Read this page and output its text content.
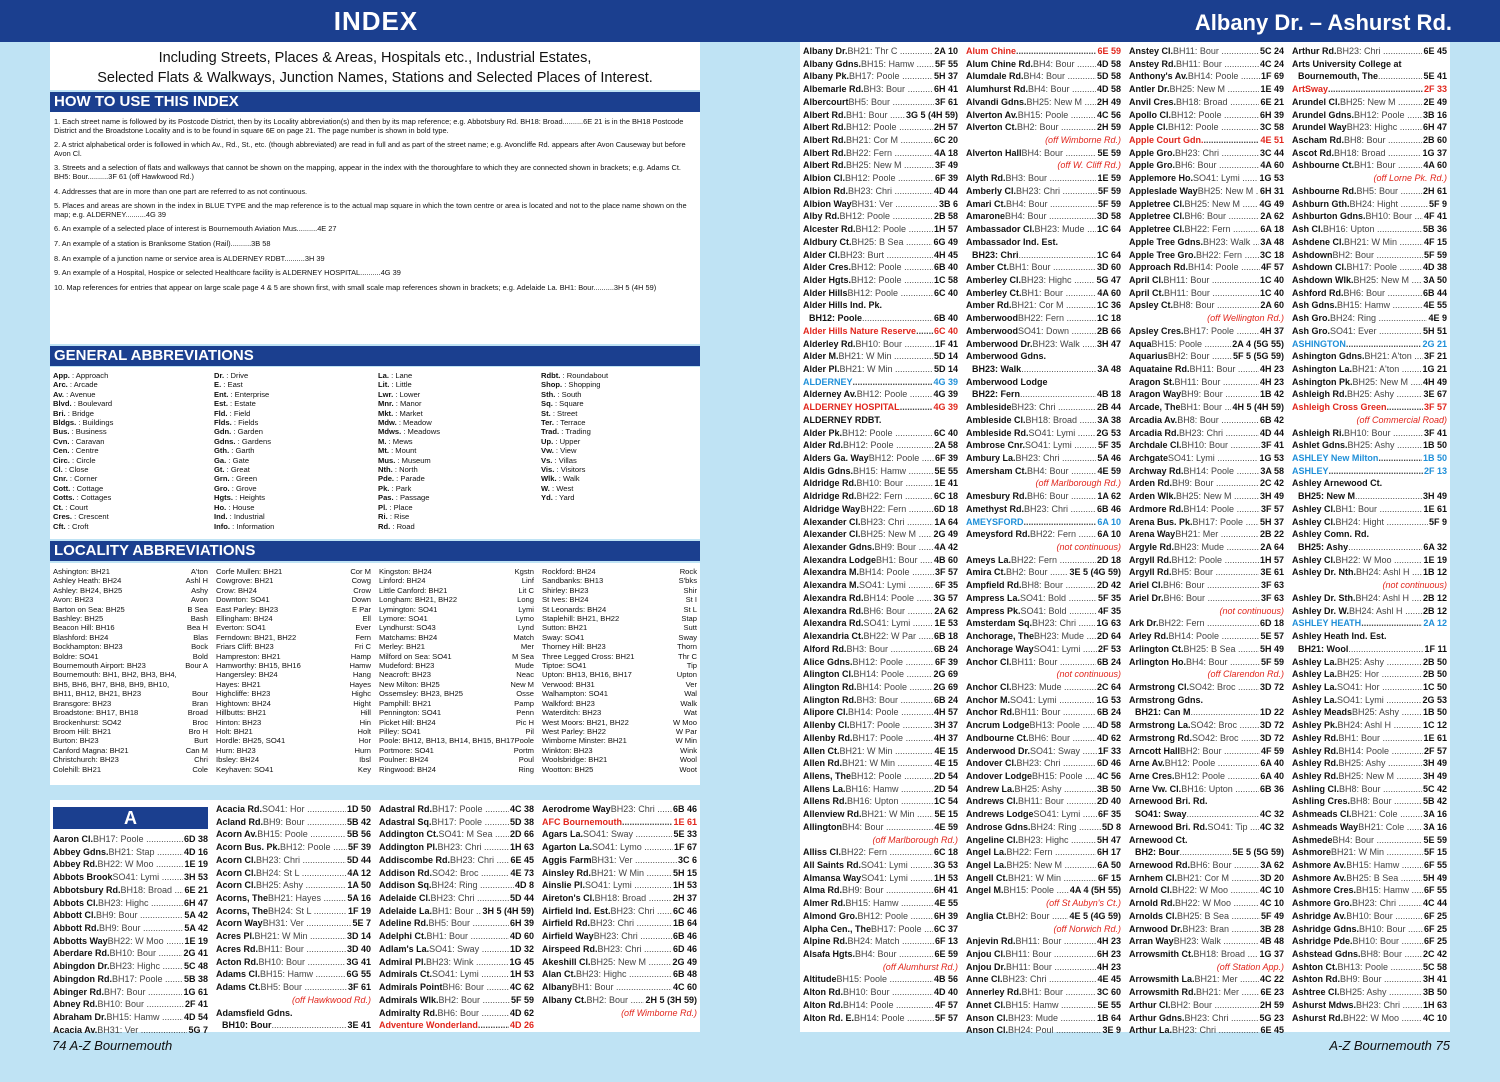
INDEX	Albany Dr. – Ashurst Rd.
Including Streets, Places & Areas, Hospitals etc., Industrial Estates,
Selected Flats & Walkways, Junction Names, Stations and Selected Places of Interest.
HOW TO USE THIS INDEX

1. Each street name is followed by its Postcode District, then by its Locality abbreviation(s) and then by its map reference; e.g. Abbotsbury Rd. BH18: Broad..........6E 21 is in the BH18 Postcode District and the Broadstone Locality and is to be found in square 6E on page 21. The page number is shown in bold type.

2. A strict alphabetical order is followed in which Av., Rd., St., etc. (though abbreviated) are read in full and as part of the street name; e.g. Avoncliffe Rd. appears after Avon Causeway but before Avon Cl.

3. Streets and a selection of flats and walkways that cannot be shown on the mapping, appear in the index with the thoroughfare to which they are connected shown in brackets; e.g. Adams Ct. BH5: Bour..........3F 61 (off Hawkwood Rd.)

4. Addresses that are in more than one part are referred to as not continuous.

5. Places and areas are shown in the index in BLUE TYPE and the map reference is to the actual map square in which the town centre or area is located and not to the place name shown on the map; e.g. ALDERNEY..........4G 39

6. An example of a selected place of interest is Bournemouth Aviation Mus..........4E 27

7. An example of a station is Branksome Station (Rail)..........3B 58

8. An example of a junction name or service area is ALDERNEY RDBT..........3H 39

9. An example of a Hospital, Hospice or selected Healthcare facility is ALDERNEY HOSPITAL..........4G 39

10. Map references for entries that appear on large scale page 4 & 5 are shown first, with small scale map references shown in brackets; e.g. Adelaide La. BH1: Bour..........3H 5 (4H 59)

GENERAL ABBREVIATIONS
App. : Approach
Arc. : Arcade
Av. : Avenue
Blvd. : Boulevard
Bri. : Bridge
Bldgs. : Buildings
Bus. : Business
Cvn. : Caravan
Cen. : Centre
Circ. : Circle
Cl. : Close
Cnr. : Corner
Cott. : Cottage
Cotts. : Cottages
Ct. : Court
Cres. : Crescent
Cft. : Croft
Dr. : Drive
E. : East
Ent. : Enterprise
Est. : Estate
Fld. : Field
Flds. : Fields
Gdn. : Garden
Gdns. : Gardens
Gth. : Garth
Ga. : Gate
Gt. : Great
Grn. : Green
Gro. : Grove
Hgts. : Heights
Ho. : House
Ind. : Industrial
Info. : Information
La. : Lane
Lit. : Little
Lwr. : Lower
Mnr. : Manor
Mkt. : Market
Mdw. : Meadow
Mdws. : Meadows
M. : Mews
Mt. : Mount
Mus. : Museum
Nth. : North
Pde. : Parade
Pk. : Park
Pas. : Passage
Pl. : Place
Ri. : Rise
Rd. : Road
Rdbt. : Roundabout
Shop. : Shopping
Sth. : South
Sq. : Square
St. : Street
Ter. : Terrace
Trad. : Trading
Up. : Upper
Vw. : View
Vs. : Villas
Vis. : Visitors
Wlk. : Walk
W. : West
Yd. : Yard
LOCALITY ABBREVIATIONS
Ashington: BH21	A'ton
Ashley Heath: BH24	Ashl H
Ashley: BH24, BH25	Ashy
Avon: BH23	Avon
Barton on Sea: BH25	B Sea
Bashley: BH25	Bash
Beacon Hill: BH16	Bea H
Blashford: BH24	Blas
Bockhampton: BH23	Bock
Boldre: SO41	Bold
Bournemouth Airport: BH23	Bour A
Bournemouth: BH1, BH2, BH3, BH4,
BH5, BH6, BH7, BH8, BH9, BH10,
BH11, BH12, BH21, BH23	Bour
Bransgore: BH23	Bran
Broadstone: BH17, BH18	Broad
Brockenhurst: SO42	Broc
Broom Hill: BH21	Bro H
Burton: BH23	Burt
Canford Magna: BH21	Can M
Christchurch: BH23	Chri
Colehill: BH21	Cole
Corfe Mullen: BH21	Cor M
Cowgrove: BH21	Cowg
Crow: BH24	Crow
Downton: SO41	Down
East Parley: BH23	E Par
Ellingham: BH24	Ell
Everton: SO41	Ever
Ferndown: BH21, BH22	Fern
Friars Cliff: BH23	Fri C
Hampreston: BH21	Hamp
Hamworthy: BH15, BH16	Hamw
Hangersley: BH24	Hang
Hayes: BH21	Hayes
Highcliffe: BH23	Highc
Hightown: BH24	Hight
Hillbutts: BH21	Hill
Hinton: BH23	Hin
Holt: BH21	Holt
Hordle: BH25, SO41	Hor
Hurn: BH23	Hurn
Ibsley: BH24	Ibsl
Keyhaven: SO41	Key
Kingston: BH24	Kgstn
Linford: BH24	Linf
Little Canford: BH21	Lit C
Longham: BH21, BH22	Long
Lymington: SO41	Lymi
Lymore: SO41	Lymo
Lyndhurst: SO43	Lynd
Matchams: BH24	Match
Merley: BH21	Mer
Milford on Sea: SO41	M Sea
Mudeford: BH23	Mude
Neacroft: BH23	Neac
New Milton: BH25	New M
Ossemsley: BH23, BH25	Osse
Pamphill: BH21	Pamp
Pennington: SO41	Penn
Picket Hill: BH24	Pic H
Pilley: SO41	Pil
Poole: BH12, BH13, BH14, BH15, BH17 Poole
Portmore: SO41	Portm
Poulner: BH24	Poul
Ringwood: BH24	Ring
Rockford: BH24	Rock
Sandbanks: BH13	S'bks
Shirley: BH23	Shir
St Ives: BH24	St I
St Leonards: BH24	St L
Staplehill: BH21, BH22	Stap
Sutton: BH21	Sutt
Sway: SO41	Sway
Thorney Hill: BH23	Thorn
Three Legged Cross: BH21	Thr C
Tiptoe: SO41	Tip
Upton: BH13, BH16, BH17	Upton
Verwood: BH31	Ver
Walhampton: SO41	Wal
Walkford: BH23	Walk
Waterditch: BH23	Wat
West Moors: BH21, BH22	W Moo
West Parley: BH22	W Par
Wimborne Minster: BH21	W Min
Winkton: BH23	Wink
Woolsbridge: BH21	Wool
Wootton: BH25	Woot
A
Aaron Cl. BH17: Poole .....	6D 38
Abbey Gdns. BH21: Stap .....	4D 16
Abbey Rd. BH22: W Moo .....	1E 19
Abbots Brook SO41: Lymi .....	3H 53
Abbotsbury Rd. BH18: Broad .....	6E 21
Abbots Cl. BH23: Highc .....	6H 47
Abbott Cl. BH9: Bour .....	5A 42
Abbott Rd. BH9: Bour .....	5A 42
Abbotts Way BH22: W Moo .....	1E 19
Aberdare Rd. BH10: Bour .....	2G 41
Abingdon Dr. BH23: Highc .....	5C 48
Abingdon Rd. BH17: Poole .....	5B 38
Abinger Rd. BH7: Bour .....	1G 61
Abney Rd. BH10: Bour .....	2F 41
Abraham Dr. BH15: Hamw .....	4D 54
Acacia Av. BH31: Ver .....	5G 7
Acacia Rd. SO41: Hor .....	1D 50
Acland Rd. BH9: Bour .....	5B 42
Acorn Av. BH15: Poole .....	5B 56
Acorn Bus. Pk. BH12: Poole .....	5F 39
Acorn Cl. BH23: Chri .....	5D 44
Acorn Cl. BH24: St L .....	4A 12
Acorn Cl. BH25: Ashy .....	1A 50
Acorns, The BH21: Hayes .....	5A 16
Acorns, The BH24: St L .....	1F 19
Acorn Way BH31: Ver .....	5E 7
Acres Pl. BH21: W Min .....	3D 14
Acres Rd. BH11: Bour .....	3D 40
Acton Rd. BH10: Bour .....	3G 41
Adams Cl. BH15: Hamw .....	6G 55
Adams Ct. BH5: Bour .....	3F 61
(off Hawkwood Rd.)
Adamsfield Gdns.
BH10: Bour .....	3E 41
Adastral Rd. BH17: Poole .....	4C 38
Adastral Sq. BH17: Poole .....	5D 38
Addington Ct. SO41: M Sea .....	2D 66
Addington Pl. BH23: Chri .....	1H 63
Addiscombe Rd. BH23: Chri .....	6E 45
Addison Rd. SO42: Broc .....	4E 73
Addison Sq. BH24: Ring .....	4D 8
Adelaide Cl. BH23: Chri .....	5D 44
Adelaide La. BH1: Bour ..... 3H 5 (4H 59)
Adeline Rd. BH5: Bour .....	6H 39
Adelphi Ct. BH1: Bour .....	4D 60
Adlam's La. SO41: Sway .....	1D 32
Admiral Pl. BH23: Wink .....	1G 45
Admirals Ct. SO41: Lymi .....	1H 53
Admirals Point BH6: Bour .....	4C 62
Admirals Wlk. BH2: Bour .....	5F 59
Admiralty Rd. BH6: Bour .....	4D 62
Adventure Wonderland .....	4D 26
Aerodrome Way BH23: Chri .....	6B 46
AFC Bournemouth .....	1E 61
Agars La. SO41: Sway .....	5E 33
Agarton La. SO41: Lymo .....	1F 67
Aggis Farm BH31: Ver .....	3C 6
Ainsley Rd. BH21: W Min .....	5H 15
Ainslie Pl. SO41: Lymi .....	1H 53
Aireton's Cl. BH18: Broad .....	2H 37
Airfield Ind. Est. BH23: Chri .....	6C 46
Airfield Rd. BH23: Chri .....	1B 64
Airfield Way BH23: Chri .....	6B 46
Airspeed Rd. BH23: Chri .....	6D 46
Akeshill Cl. BH25: New M .....	2G 49
Alan Ct. BH23: Highc .....	6B 48
Albany BH1: Bour .....	4C 60
Albany Ct. BH2: Bour .....	2H 5 (3H 59)
(off Wimborne Rd.)
Albany Dr. BH21: Thr C .....	2A 10
Albany Gdns. BH15: Hamw .....	5F 55
Albany Pk. BH17: Poole .....	5H 37
Albemarle Rd. BH3: Bour .....	6H 41
Albercourt BH5: Bour .....	3F 61
Albert Rd. BH1: Bour .....	3G 5 (4H 59)
Albert Rd. BH12: Poole .....	2H 57
Albert Rd. BH21: Cor M .....	6C 20
Albert Rd. BH22: Fern .....	4A 18
Albert Rd. BH25: New M .....	3F 49
Albion Cl. BH12: Poole .....	6F 39
Albion Rd. BH23: Chri .....	4D 44
Albion Way BH31: Ver .....	3B 6
Alby Rd. BH12: Poole .....	2B 58
Alcester Rd. BH12: Poole .....	1H 57
Aldbury Ct. BH25: B Sea .....	6G 49
Alder Cl. BH23: Burt .....	4H 45
Alder Cres. BH12: Poole .....	6B 40
Alder Hgts. BH12: Poole .....	1C 58
Alder Hills BH12: Poole .....	6C 40
Alder Hills Ind. Pk.
BH12: Poole .....	6B 40
Alder Hills Nature Reserve ..... 6C 40
Alderley Rd. BH10: Bour .....	1F 41
Alder M. BH21: W Min .....	5D 14
Alder Pl. BH21: W Min .....	5D 14
ALDERNEY .....	4G 39
Alderney Av. BH12: Poole .....	4G 39
ALDERNEY HOSPITAL .....	4G 39
ALDERNEY RDBT.
Alder Pk. BH12: Poole .....	6C 40
Alder Rd. BH12: Poole .....	2A 58
Alders Ga. Way BH12: Poole .....	6F 39
Aldis Gdns. BH15: Hamw .....	5E 55
Aldridge Rd. BH10: Bour .....	1E 41
Aldridge Rd. BH22: Fern .....	6C 18
Aldridge Way BH22: Fern .....	6D 18
Alexander Cl. BH23: Chri .....	1A 64
Alexander Cl. BH25: New M .....	2G 49
Alexander Gdns. BH9: Bour .....	4A 42
Alexandra Lodge BH1: Bour .....	4B 60
Alexandra M. BH14: Poole .....	3F 57
Alexandra M. SO41: Lymi .....	6F 35
Alexandra Rd. BH14: Poole .....	3G 57
Alexandra Rd. BH6: Bour .....	2A 62
Alexandra Rd. SO41: Lymi .....	1E 53
Alexandria Ct. BH22: W Par .....	6B 18
Alford Rd. BH3: Bour .....	6B 24
Alice Gdns. BH12: Poole .....	6F 39
Alington Cl. BH14: Poole .....	2G 69
Alington Rd. BH14: Poole .....	2G 69
Alington Rd. BH3: Bour .....	6B 24
Alipore Cl. BH14: Poole .....	4H 57
Allenby Cl. BH17: Poole .....	3H 37
Allenby Rd. BH17: Poole .....	4H 37
Allen Ct. BH21: W Min .....	4E 15
Allen Rd. BH21: W Min .....	4E 15
Allens, The BH12: Poole .....	2D 54
Allens La. BH16: Hamw .....	2D 54
Allens Rd. BH16: Upton .....	1C 54
Allenview Rd. BH21: W Min .....	5E 15
Allington BH4: Bour .....	4E 59
(off Marlborough Rd.)
Alliss Cl. BH22: Fern .....	6C 18
All Saints Rd. SO41: Lymi .....	3G 53
Almansa Way SO41: Lymi .....	1H 53
Alma Rd. BH9: Bour .....	6H 41
Almer Rd. BH15: Hamw .....	4E 55
Almond Gro. BH12: Poole .....	6H 39
Alpha Cen., The BH17: Poole .....	6C 37
Alpine Rd. BH24: Match .....	6F 13
Alsafa Hgts. BH4: Bour .....	6E 59
(off Alumhurst Rd.)
Altitude BH15: Poole .....	4B 56
Alton Rd. BH10: Bour .....	4D 40
Alton Rd. BH14: Poole .....	4F 57
Alton Rd. E. BH14: Poole .....	5F 57
Alum Chine .....	6E 59
Alum Chine Rd. BH4: Bour .....	4D 58
Alumdale Rd. BH4: Bour .....	5D 58
Alumhurst Rd. BH4: Bour .....	4D 58
Alvandi Gdns. BH25: New M .....	2H 49
Alverton Av. BH15: Poole .....	4C 56
Alverton Ct. BH2: Bour .....	2H 59
(off Wimborne Rd.)
Alverton Hall BH4: Bour .....	5E 59
(off W. Cliff Rd.)
Alyth Rd. BH3: Bour .....	1E 59
Amberly Cl. BH23: Chri .....	5F 59
Amari Ct. BH4: Bour .....	5F 59
Amarone BH4: Bour .....	3D 58
Ambassador Cl. BH23: Mude .....	1C 64
Ambassador Ind. Est.
BH23: Chri .....	1C 64
Amber Ct. BH1: Bour .....	3D 60
Amberley Cl. BH23: Highc .....	5G 47
Amberley Ct. BH1: Bour .....	4A 60
Amber Rd. BH21: Cor M .....	1C 36
Amberwood BH22: Fern .....	1C 18
Amberwood SO41: Down .....	2B 66
Amberwood Dr. BH23: Walk .....	3H 47
Amberwood Gdns.
BH23: Walk .....	3A 48
Amberwood Lodge
BH22: Fern .....	4B 18
Ambleside BH23: Chri .....	2B 44
Ambleside Cl. BH18: Broad .....	3A 38
Ambleside Rd. SO41: Lymi .....	2G 53
Ambrose Cnr. SO41: Lymi .....	5F 35
Ambury La. BH23: Chri .....	5A 46
Amersham Ct. BH4: Bour .....	4E 59
(off Marlborough Rd.)
Amesbury Rd. BH6: Bour .....	1A 62
Amethyst Rd. BH23: Chri .....	6B 46
AMEYSFORD .....	6A 10
Ameysford Rd. BH22: Fern .....	6A 10
(not continuous)
Ameys La. BH22: Fern .....	2D 18
Amira Ct. BH2: Bour .....	3E 5 (4G 59)
Ampfield Rd. BH8: Bour .....	2D 42
Ampress La. SO41: Bold .....	5F 35
Ampress Pk. SO41: Bold .....	4F 35
Amsterdam Sq. BH23: Chri .....	1G 63
Anchorage, The BH23: Mude .....	2D 64
Anchorage Way SO41: Lymi .....	2F 53
Anchor Cl. BH11: Bour .....	6B 24
(not continuous)
Anchor Cl. BH23: Mude .....	2C 64
Anchor M. SO41: Lymi .....	1G 53
Anchor Rd. BH11: Bour .....	6B 24
Ancrum Lodge BH13: Poole .....	4D 58
Andbourne Ct. BH6: Bour .....	4D 62
Anderwood Dr. SO41: Sway .....	1F 33
Andover Cl. BH23: Chri .....	6D 46
Andover Lodge BH15: Poole .....	4C 56
Andrew La. BH25: Ashy .....	3B 50
Andrews Cl. BH11: Bour .....	2D 40
Andrews Lodge SO41: Lymi .....	6F 35
Androse Gdns. BH24: Ring .....	5D 8
Angeline Cl. BH23: Highc .....	5H 47
Angel La. BH22: Fern .....	6H 17
Angel La. BH25: New M .....	6A 50
Angell Ct. BH21: W Min .....	6F 15
Angel M. BH15: Poole .....	4A 4 (5H 55)
(off St Aubyn's Ct.)
Anglia Ct. BH2: Bour .....	4E 5 (4G 59)
(off Norwich Rd.)
Anjevin Rd. BH11: Bour .....	4H 23
Anjou Cl. BH11: Bour .....	6H 23
Anjou Dr. BH11: Bour .....	4H 23
Anne Cl. BH23: Chri .....	4E 45
Annerley Rd. BH1: Bour .....	3C 60
Annet Cl. BH15: Hamw .....	5E 55
Anson Cl. BH23: Mude .....	1B 64
Anson Cl. BH24: Poul .....	3E 9
Anstey Cl. BH11: Bour .....	5C 24
Anstey Rd. BH11: Bour .....	4C 24
Anthony's Av. BH14: Poole .....	1F 69
Antler Dr. BH25: New M .....	1E 49
Anvil Cres. BH18: Broad .....	6E 21
Apollo Cl. BH12: Poole .....	6H 39
Apple Cl. BH12: Poole .....	3C 58
Apple Court Gdn. .....	4E 51
Apple Gro. BH23: Chri .....	3C 44
Apple Gro. BH6: Bour .....	4A 60
Applemore Ho. SO41: Lymi .....	1G 53
Appleslade Way BH25: New M ..... 6H 31
Appletree Cl. BH25: New M .....	4G 49
Appletree Cl. BH6: Bour .....	2A 62
Appletree Cl. BH22: Fern .....	6A 18
Apple Tree Gdns. BH23: Walk .....	3A 48
Apple Tree Gro. BH22: Fern .....	3C 18
Approach Rd. BH14: Poole .....	4F 57
April Cl. BH11: Bour .....	1C 40
April Ct. BH11: Bour .....	1C 40
Apsley Ct. BH8: Bour .....	2A 60
(off Wellington Rd.)
Apsley Cres. BH17: Poole .....	4H 37
Aqua BH15: Poole .....	2A 4 (5G 55)
Aquarius BH2: Bour .....	5F 5 (5G 59)
Aquataine Rd. BH11: Bour .....	4H 23
Aragon St. BH11: Bour .....	4H 23
Aragon Way BH9: Bour .....	1B 42
Arcade, The BH1: Bour .....	4H 5 (4H 59)
Arcadia Av. BH8: Bour .....	6B 42
Arcadia Rd. BH23: Chri .....	4D 44
Archdale Cl. BH10: Bour .....	3F 41
Archgate SO41: Lymi .....	1G 53
Archway Rd. BH14: Poole .....	3A 58
Arden Rd. BH9: Bour .....	2C 42
Arden Wlk. BH25: New M .....	3H 49
Ardmore Rd. BH14: Poole .....	3F 57
Arena Bus. Pk. BH17: Poole .....	5H 37
Arena Way BH21: Mer .....	2B 22
Argyle Rd. BH23: Mude .....	2A 64
Argyll Rd. BH12: Poole .....	1H 57
Argyll Rd. BH5: Bour .....	3E 61
Ariel Cl. BH6: Bour .....	3F 63
Ariel Dr. BH6: Bour .....	3F 63
(not continuous)
Ark Dr. BH22: Fern .....	6D 18
Arley Rd. BH14: Poole .....	5E 57
Arlington Ct. BH25: B Sea .....	5H 49
Arlington Ho. BH4: Bour .....	5F 59
(off Clarendon Rd.)
Armstrong Cl. SO42: Broc .....	3D 72
Armstrong Gdns.
BH21: Can M .....	1D 22
Armstrong La. SO42: Broc .....	3D 72
Armstrong Rd. SO42: Broc .....	3D 72
Arncott Hall BH2: Bour .....	4F 59
Arne Av. BH12: Poole .....	6A 40
Arne Cres. BH12: Poole .....	6A 40
Arne Vw. Cl. BH16: Upton .....	6B 36
Arnewood Bri. Rd.
SO41: Sway .....	4C 32
Arnewood Bri. Rd. SO41: Tip .....	4C 32
Arnewood Ct.
BH2: Bour .....	5E 5 (5G 59)
Arnewood Rd. BH6: Bour .....	3A 62
Arnhem Cl. BH21: Cor M .....	3D 20
Arnold Cl. BH22: W Moo .....	4C 10
Arnold Rd. BH22: W Moo .....	4C 10
Arnolds Cl. BH25: B Sea .....	5F 49
Arnwood Dr. BH23: Bran .....	3B 28
Arran Way BH23: Walk .....	4B 48
Arrowsmith Ct. BH18: Broad .....	1G 37
(off Station App.)
Arrowsmith La. BH21: Mer .....	4C 22
Arrowsmith Rd. BH21: Mer .....	6E 23
Arthur Cl. BH2: Bour .....	2H 59
Arthur Gdns. BH23: Chri .....	5G 23
Arthur La. BH23: Chri .....	6E 45
Arthur Rd. BH23: Chri .....	6E 45
Arts University College at
Bournemouth, The .....	5E 41
ArtSway .....	2F 33
Arundel Cl. BH25: New M .....	2E 49
Arundel Gdns. BH12: Poole .....	3B 16
Arundel Way BH23: Highc .....	6H 47
Ascham Rd. BH8: Bour .....	2B 60
Ascot Rd. BH18: Broad .....	1G 37
Ashbourne Ct. BH1: Bour .....	4A 60
(off Lorne Pk. Rd.)
Ashbourne Rd. BH5: Bour .....	2H 61
Ashburn Gth. BH24: Hight .....	5F 9
Ashburton Gdns. BH10: Bour .....	4F 41
Ash Cl. BH16: Upton .....	5B 36
Ashdene Cl. BH21: W Min .....	4F 15
Ashdown BH2: Bour .....	5F 59
Ashdown Cl. BH17: Poole .....	4D 38
Ashdown Wlk. BH25: New M .....	3A 50
Ashford Rd. BH6: Bour .....	6B 44
Ash Gdns. BH15: Hamw .....	4E 55
Ash Gro. BH24: Ring .....	4E 9
Ash Gro. SO41: Ever .....	5H 51
ASHINGTON .....	2G 21
Ashington Gdns. BH21: A'ton .....	3F 21
Ashington La. BH21: A'ton .....	1G 21
Ashington Pk. BH25: New M .....	4H 49
Ashleigh Rd. BH25: Ashy .....	3E 67
Ashleigh Cross Green .....	3F 57
(off Commercial Road)
Ashleigh Ri. BH10: Bour .....	3F 41
Ashlet Gdns. BH25: Ashy .....	1B 50
ASHLEY New Milton .....	1B 50
ASHLEY .....	2F 13
Ashley Arnewood Ct.
BH25: New M .....	3H 49
Ashley Cl. BH1: Bour .....	1E 61
Ashley Cl. BH24: Hight .....	5F 9
Ashley Comn. Rd.
BH25: Ashy .....	6A 32
Ashley Cl. BH22: W Moo .....	1E 19
Ashley Dr. Nth. BH24: Ashl H .....	1B 12
(not continuous)
Ashley Dr. Sth. BH24: Ashl H .....	2B 12
Ashley Dr. W. BH24: Ashl H .....	2B 12
ASHLEY HEATH .....	2A 12
Ashley Heath Ind. Est.
BH21: Wool .....	1F 11
Ashley La. BH25: Ashy .....	2B 50
Ashley La. BH25: Hor .....	2B 50
Ashley La. SO41: Hor .....	1C 50
Ashley La. SO41: Lymi .....	2G 53
Ashley Meads BH25: Ashy .....	1B 50
Ashley Pk. BH24: Ashl H .....	1C 12
Ashley Rd. BH1: Bour .....	1E 61
Ashley Rd. BH14: Poole .....	2F 57
Ashley Rd. BH25: Ashy .....	3H 49
Ashley Rd. BH25: New M .....	3H 49
Ashling Cl. BH8: Bour .....	5C 42
Ashling Cres. BH8: Bour .....	5B 42
Ashmeads Cl. BH21: Cole .....	3A 16
Ashmeads Way BH21: Cole .....	3A 16
Ashmede BH4: Bour .....	5E 59
Ashmore BH21: W Min .....	5F 15
Ashmore Av. BH15: Hamw .....	6F 55
Ashmore Av. BH25: B Sea .....	5H 49
Ashmore Cres. BH15: Hamw .....	6F 55
Ashmore Gro. BH23: Chri .....	4C 44
Ashridge Av. BH10: Bour .....	6F 25
Ashridge Gdns. BH10: Bour .....	6F 25
Ashridge Pde. BH10: Bour .....	6F 25
Ashstead Gdns. BH8: Bour .....	2C 42
Ashton Ct. BH13: Poole .....	5C 58
Ashton Rd. BH9: Bour .....	3H 41
Ashtree Cl. BH25: Ashy .....	3B 50
Ashurst Mdws. BH23: Chri .....	1H 63
Ashurst Rd. BH22: W Moo .....	4C 10
74 A-Z Bournemouth	A-Z Bournemouth 75
